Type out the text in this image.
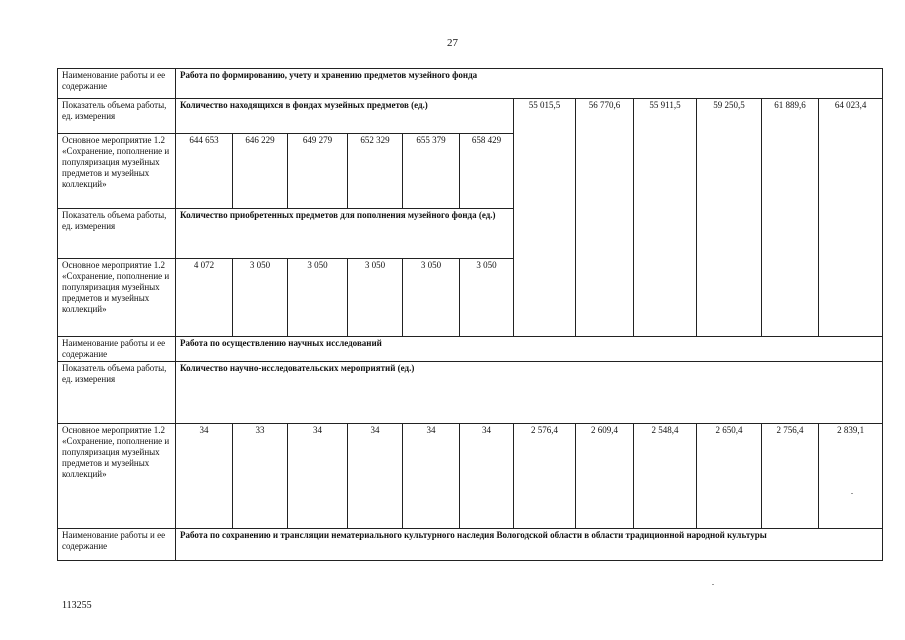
27
Наименование работы и ее содержание	Работа по формированию, учету и хранению предметов музейного фонда											
Показатель объема работы, ед. измерения	Количество находящихся в фондах музейных предметов (ед.)						55 015,5	56 770,6	55 911,5	59 250,5	61 889,6	64 023,4
Основное мероприятие 1.2 «Сохранение, пополнение и популяризация музейных предметов и музейных коллекций»	644 653	646 229	649 279	652 329	655 379	658 429						
Показатель объема работы, ед. измерения	Количество приобретенных предметов для пополнения музейного фонда (ед.)											
Основное мероприятие 1.2 «Сохранение, пополнение и популяризация музейных предметов и музейных коллекций»	4 072	3 050	3 050	3 050	3 050	3 050						
Наименование работы и ее содержание	Работа по осуществлению научных исследований											
Показатель объема работы, ед. измерения	Количество научно-исследовательских мероприятий (ед.)											
Основное мероприятие 1.2 «Сохранение, пополнение и популяризация музейных предметов и музейных коллекций»	34	33	34	34	34	34	2 576,4	2 609,4	2 548,4	2 650,4	2 756,4	2 839,1
Наименование работы и ее содержание	Работа по сохранению и трансляции нематериального культурного наследия Вологодской области в области традиционной народной культуры											
113255
